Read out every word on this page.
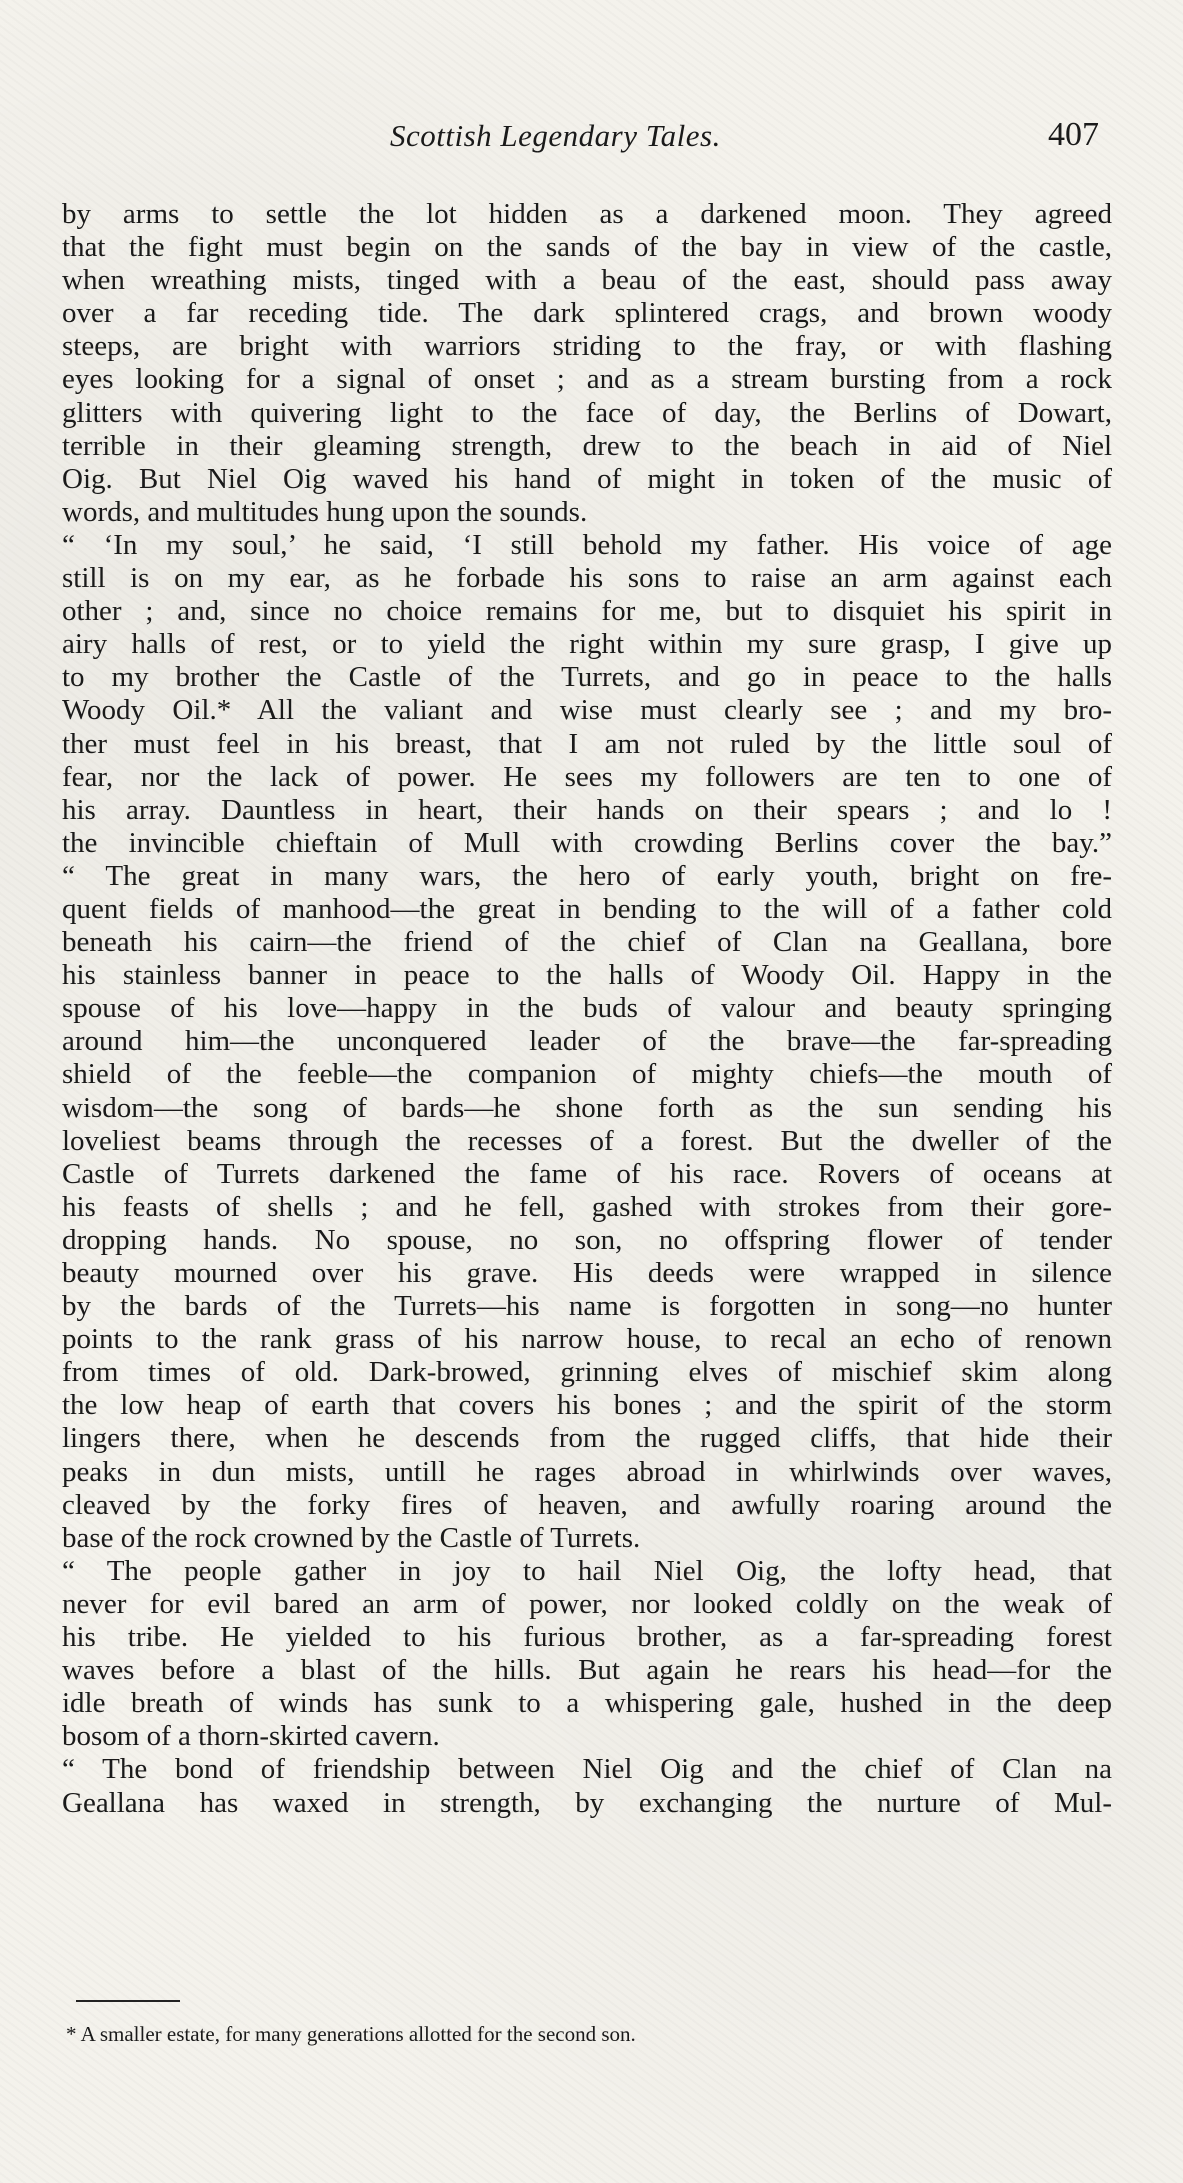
Scottish Legendary Tales.	407
by arms to settle the lot hidden as a darkened moon. They agreed
that the fight must begin on the sands of the bay in view of the castle,
when wreathing mists, tinged with a beau of the east, should pass away
over a far receding tide. The dark splintered crags, and brown woody
steeps, are bright with warriors striding to the fray, or with flashing
eyes looking for a signal of onset ; and as a stream bursting from a rock
glitters with quivering light to the face of day, the Berlins of Dowart,
terrible in their gleaming strength, drew to the beach in aid of Niel
Oig. But Niel Oig waved his hand of might in token of the music of
words, and multitudes hung upon the sounds.
“ ‘In my soul,’ he said, ‘I still behold my father. His voice of age
still is on my ear, as he forbade his sons to raise an arm against each
other ; and, since no choice remains for me, but to disquiet his spirit in
airy halls of rest, or to yield the right within my sure grasp, I give up
to my brother the Castle of the Turrets, and go in peace to the halls
Woody Oil.* All the valiant and wise must clearly see ; and my bro-
ther must feel in his breast, that I am not ruled by the little soul of
fear, nor the lack of power. He sees my followers are ten to one of
his array. Dauntless in heart, their hands on their spears ; and lo !
the invincible chieftain of Mull with crowding Berlins cover the bay.”
“ The great in many wars, the hero of early youth, bright on fre-
quent fields of manhood—the great in bending to the will of a father cold
beneath his cairn—the friend of the chief of Clan na Geallana, bore
his stainless banner in peace to the halls of Woody Oil. Happy in the
spouse of his love—happy in the buds of valour and beauty springing
around him—the unconquered leader of the brave—the far-spreading
shield of the feeble—the companion of mighty chiefs—the mouth of
wisdom—the song of bards—he shone forth as the sun sending his
loveliest beams through the recesses of a forest. But the dweller of the
Castle of Turrets darkened the fame of his race. Rovers of oceans at
his feasts of shells ; and he fell, gashed with strokes from their gore-
dropping hands. No spouse, no son, no offspring flower of tender
beauty mourned over his grave. His deeds were wrapped in silence
by the bards of the Turrets—his name is forgotten in song—no hunter
points to the rank grass of his narrow house, to recal an echo of renown
from times of old. Dark-browed, grinning elves of mischief skim along
the low heap of earth that covers his bones ; and the spirit of the storm
lingers there, when he descends from the rugged cliffs, that hide their
peaks in dun mists, untill he rages abroad in whirlwinds over waves,
cleaved by the forky fires of heaven, and awfully roaring around the
base of the rock crowned by the Castle of Turrets.
“ The people gather in joy to hail Niel Oig, the lofty head, that
never for evil bared an arm of power, nor looked coldly on the weak of
his tribe. He yielded to his furious brother, as a far-spreading forest
waves before a blast of the hills. But again he rears his head—for the
idle breath of winds has sunk to a whispering gale, hushed in the deep
bosom of a thorn-skirted cavern.
“ The bond of friendship between Niel Oig and the chief of Clan na
Geallana has waxed in strength, by exchanging the nurture of Mul-
* A smaller estate, for many generations allotted for the second son.
